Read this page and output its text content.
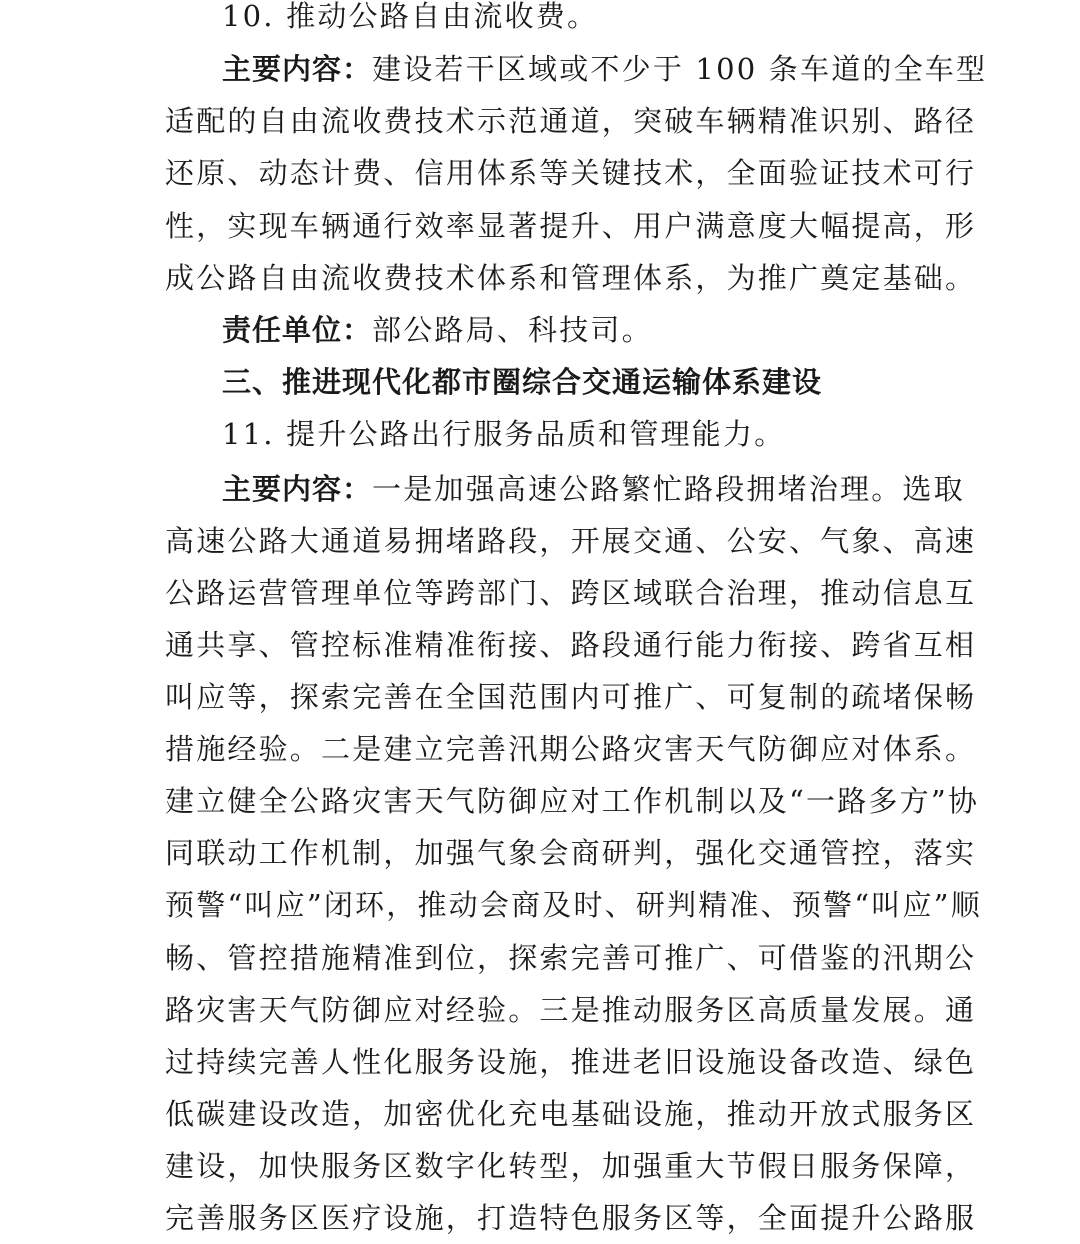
10. 推动公路自由流收费。
主要内容：建设若干区域或不少于 100 条车道的全车型
适配的自由流收费技术示范通道，突破车辆精准识别、路径
还原、动态计费、信用体系等关键技术，全面验证技术可行
性，实现车辆通行效率显著提升、用户满意度大幅提高，形
成公路自由流收费技术体系和管理体系，为推广奠定基础。
责任单位：部公路局、科技司。
三、推进现代化都市圈综合交通运输体系建设
11. 提升公路出行服务品质和管理能力。
主要内容：一是加强高速公路繁忙路段拥堵治理。选取
高速公路大通道易拥堵路段，开展交通、公安、气象、高速
公路运营管理单位等跨部门、跨区域联合治理，推动信息互
通共享、管控标准精准衔接、路段通行能力衔接、跨省互相
叫应等，探索完善在全国范围内可推广、可复制的疏堵保畅
措施经验。二是建立完善汛期公路灾害天气防御应对体系。
建立健全公路灾害天气防御应对工作机制以及“一路多方”协
同联动工作机制，加强气象会商研判，强化交通管控，落实
预警“叫应”闭环，推动会商及时、研判精准、预警“叫应”顺
畅、管控措施精准到位，探索完善可推广、可借鉴的汛期公
路灾害天气防御应对经验。三是推动服务区高质量发展。通
过持续完善人性化服务设施，推进老旧设施设备改造、绿色
低碳建设改造，加密优化充电基础设施，推动开放式服务区
建设，加快服务区数字化转型，加强重大节假日服务保障，
完善服务区医疗设施，打造特色服务区等，全面提升公路服
